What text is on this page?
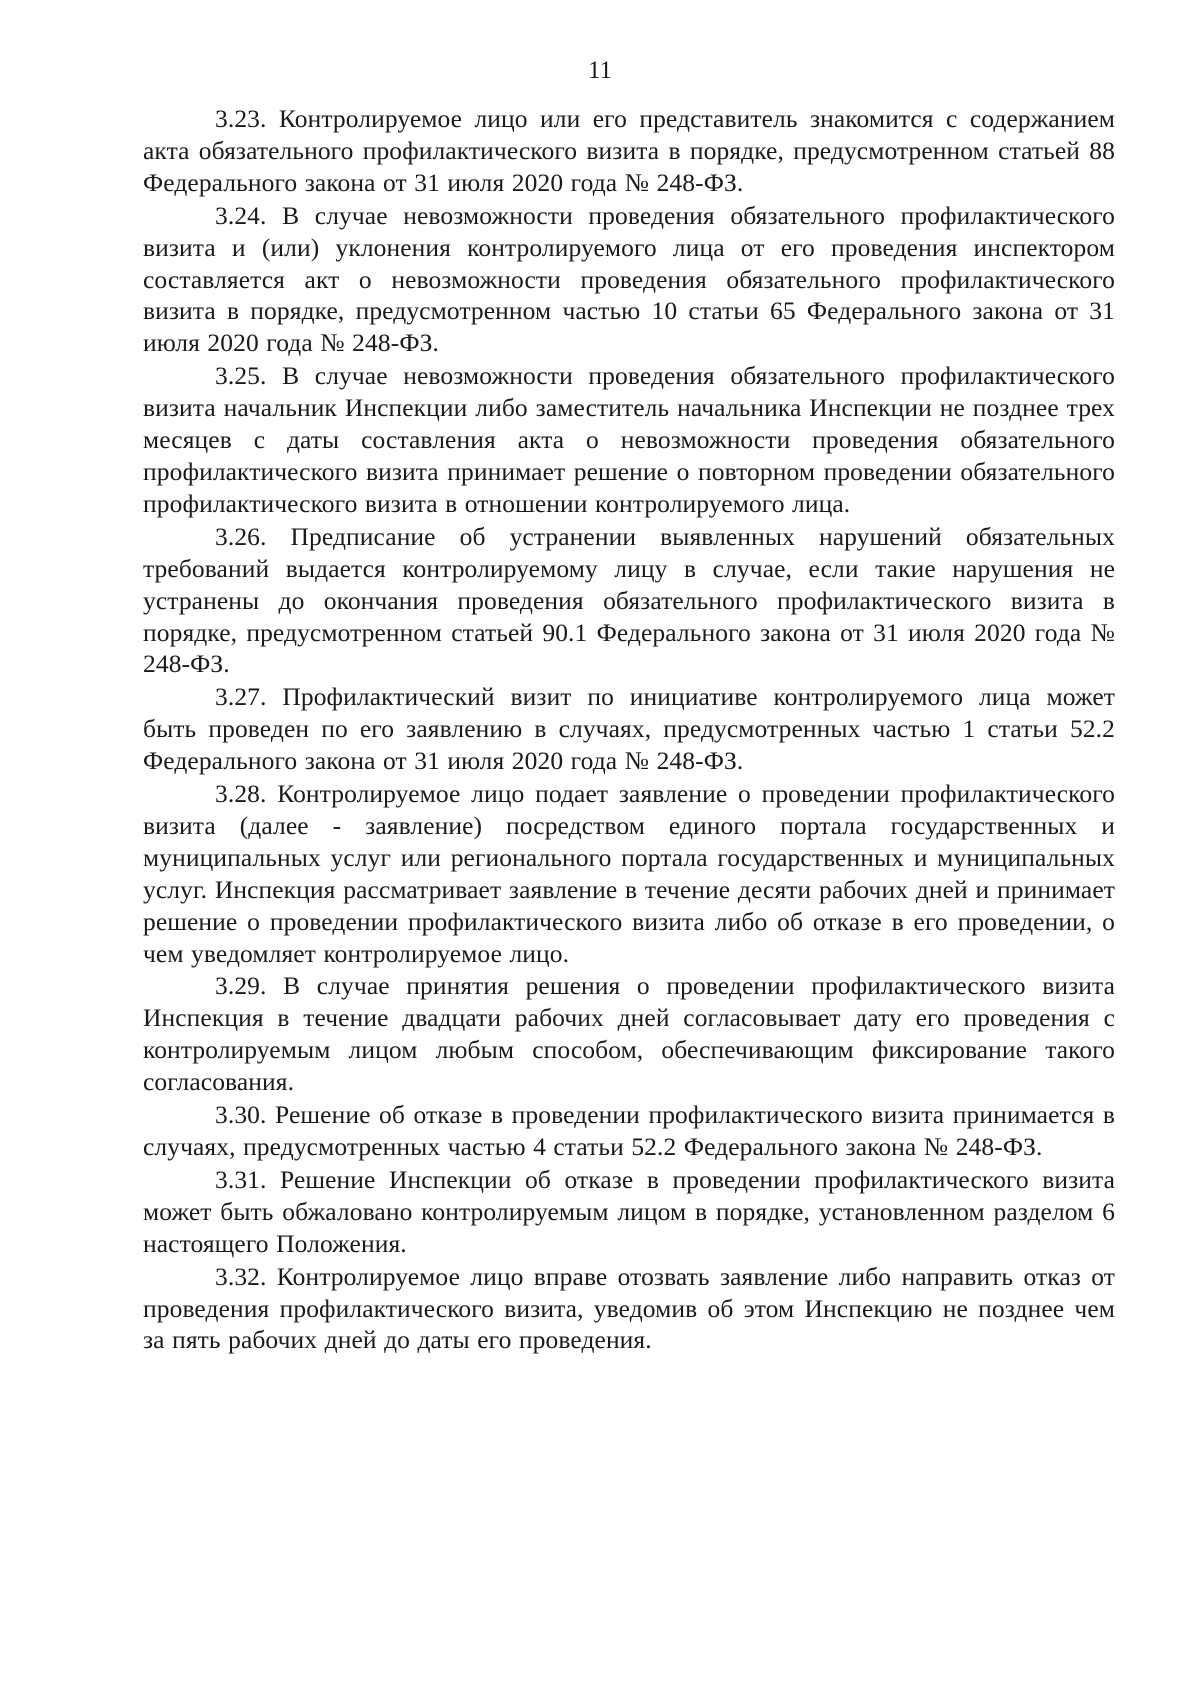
11

3.23. Контролируемое лицо или его представитель знакомится с содержанием акта обязательного профилактического визита в порядке, предусмотренном статьей 88 Федерального закона от 31 июля 2020 года № 248-ФЗ.

3.24. В случае невозможности проведения обязательного профилактического визита и (или) уклонения контролируемого лица от его проведения инспектором составляется акт о невозможности проведения обязательного профилактического визита в порядке, предусмотренном частью 10 статьи 65 Федерального закона от 31 июля 2020 года № 248-ФЗ.

3.25. В случае невозможности проведения обязательного профилактического визита начальник Инспекции либо заместитель начальника Инспекции не позднее трех месяцев с даты составления акта о невозможности проведения обязательного профилактического визита принимает решение о повторном проведении обязательного профилактического визита в отношении контролируемого лица.

3.26. Предписание об устранении выявленных нарушений обязательных требований выдается контролируемому лицу в случае, если такие нарушения не устранены до окончания проведения обязательного профилактического визита в порядке, предусмотренном статьей 90.1 Федерального закона от 31 июля 2020 года № 248-ФЗ.

3.27. Профилактический визит по инициативе контролируемого лица может быть проведен по его заявлению в случаях, предусмотренных частью 1 статьи 52.2 Федерального закона от 31 июля 2020 года № 248-ФЗ.

3.28. Контролируемое лицо подает заявление о проведении профилактического визита (далее - заявление) посредством единого портала государственных и муниципальных услуг или регионального портала государственных и муниципальных услуг. Инспекция рассматривает заявление в течение десяти рабочих дней и принимает решение о проведении профилактического визита либо об отказе в его проведении, о чем уведомляет контролируемое лицо.

3.29. В случае принятия решения о проведении профилактического визита Инспекция в течение двадцати рабочих дней согласовывает дату его проведения с контролируемым лицом любым способом, обеспечивающим фиксирование такого согласования.

3.30. Решение об отказе в проведении профилактического визита принимается в случаях, предусмотренных частью 4 статьи 52.2 Федерального закона № 248-ФЗ.

3.31. Решение Инспекции об отказе в проведении профилактического визита может быть обжаловано контролируемым лицом в порядке, установленном разделом 6 настоящего Положения.

3.32. Контролируемое лицо вправе отозвать заявление либо направить отказ от проведения профилактического визита, уведомив об этом Инспекцию не позднее чем за пять рабочих дней до даты его проведения.
